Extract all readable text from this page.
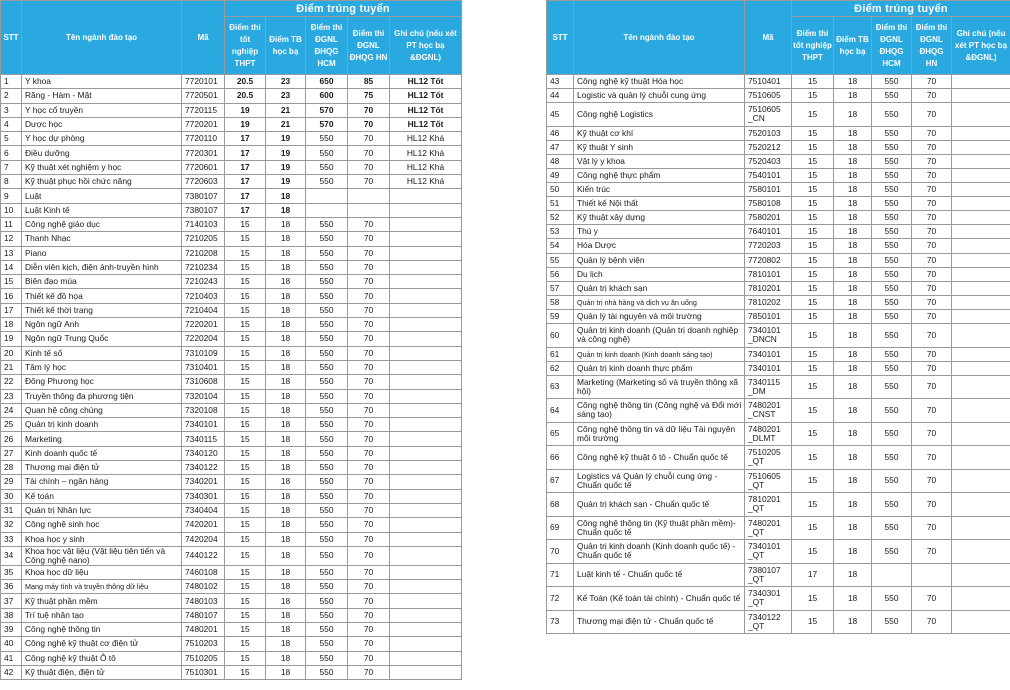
STT	Tên ngành đào tạo	Mã	Điểm trúng tuyển				
			Điểm thi tốt nghiệp THPT	Điểm TB học bạ	Điểm thi ĐGNL ĐHQG HCM	Điểm thi ĐGNL ĐHQG HN	Ghi chú (nếu xét PT học bạ &ĐGNL)
1	Y khoa	7720101	20.5	23	650	85	HL12 Tốt
2	Răng - Hàm - Mặt	7720501	20.5	23	600	75	HL12 Tốt
3	Y học cổ truyền	7720115	19	21	570	70	HL12 Tốt
4	Dược học	7720201	19	21	570	70	HL12 Tốt
5	Y học dự phòng	7720110	17	19	550	70	HL12 Khá
6	Điều dưỡng	7720301	17	19	550	70	HL12 Khá
7	Kỹ thuật xét nghiệm y học	7720601	17	19	550	70	HL12 Khá
8	Kỹ thuật phục hồi chức năng	7720603	17	19	550	70	HL12 Khá
9	Luật	7380107	17	18			
10	Luật Kinh tế	7380107	17	18			
11	Công nghệ giáo dục	7140103	15	18	550	70	
12	Thanh Nhạc	7210205	15	18	550	70	
13	Piano	7210208	15	18	550	70	
14	Diễn viên kịch, điện ảnh-truyền hình	7210234	15	18	550	70	
15	Biên đạo múa	7210243	15	18	550	70	
16	Thiết kế đồ họa	7210403	15	18	550	70	
17	Thiết kế thời trang	7210404	15	18	550	70	
18	Ngôn ngữ Anh	7220201	15	18	550	70	
19	Ngôn ngữ Trung Quốc	7220204	15	18	550	70	
20	Kinh tế số	7310109	15	18	550	70	
21	Tâm lý học	7310401	15	18	550	70	
22	Đông Phương học	7310608	15	18	550	70	
23	Truyền thông đa phương tiện	7320104	15	18	550	70	
24	Quan hệ công chúng	7320108	15	18	550	70	
25	Quản trị kinh doanh	7340101	15	18	550	70	
26	Marketing	7340115	15	18	550	70	
27	Kinh doanh quốc tế	7340120	15	18	550	70	
28	Thương mại điện tử	7340122	15	18	550	70	
29	Tài chính – ngân hàng	7340201	15	18	550	70	
30	Kế toán	7340301	15	18	550	70	
31	Quản trị Nhân lực	7340404	15	18	550	70	
32	Công nghệ sinh học	7420201	15	18	550	70	
33	Khoa học y sinh	7420204	15	18	550	70	
34	Khoa học vật liệu (Vật liệu tiên tiến và Công nghệ nano)	7440122	15	18	550	70	
35	Khoa học dữ liệu	7460108	15	18	550	70	
36	Mạng máy tính và truyền thông dữ liệu	7480102	15	18	550	70	
37	Kỹ thuật phần mềm	7480103	15	18	550	70	
38	Trí tuệ nhân tạo	7480107	15	18	550	70	
39	Công nghệ thông tin	7480201	15	18	550	70	
40	Công nghệ kỹ thuật cơ điện tử	7510203	15	18	550	70	
41	Công nghệ kỹ thuật Ô tô	7510205	15	18	550	70	
42	Kỹ thuật điện, điện tử	7510301	15	18	550	70	
STT	Tên ngành đào tạo	Mã	Điểm trúng tuyển				
			Điểm thi tốt nghiệp THPT	Điểm TB học bạ	Điểm thi ĐGNL ĐHQG HCM	Điểm thi ĐGNL ĐHQG HN	Ghi chú (nếu xét PT học bạ &ĐGNL)
43	Công nghệ kỹ thuật Hóa học	7510401	15	18	550	70	
44	Logistic và quản lý chuỗi cung ứng	7510605	15	18	550	70	
45	Công nghệ Logistics	7510605 _CN	15	18	550	70	
46	Kỹ thuật cơ khí	7520103	15	18	550	70	
47	Kỹ thuật Y sinh	7520212	15	18	550	70	
48	Vật lý y khoa	7520403	15	18	550	70	
49	Công nghệ thực phẩm	7540101	15	18	550	70	
50	Kiến trúc	7580101	15	18	550	70	
51	Thiết kế Nội thất	7580108	15	18	550	70	
52	Kỹ thuật xây dựng	7580201	15	18	550	70	
53	Thú y	7640101	15	18	550	70	
54	Hóa Dược	7720203	15	18	550	70	
55	Quản lý bệnh viện	7720802	15	18	550	70	
56	Du lịch	7810101	15	18	550	70	
57	Quản trị khách sạn	7810201	15	18	550	70	
58	Quản trị nhà hàng và dịch vụ ăn uống	7810202	15	18	550	70	
59	Quản lý tài nguyên và môi trường	7850101	15	18	550	70	
60	Quản trị kinh doanh (Quản trị doanh nghiệp và công nghệ)	7340101 _DNCN	15	18	550	70	
61	Quản trị kinh doanh (Kinh doanh sáng tạo)	7340101	15	18	550	70	
62	Quản trị kinh doanh thực phẩm	7340101	15	18	550	70	
63	Marketing (Marketing số và truyền thông xã hội)	7340115 _DM	15	18	550	70	
64	Công nghệ thông tin (Công nghệ và Đổi mới sáng tạo)	7480201 _CNST	15	18	550	70	
65	Công nghệ thông tin và dữ liệu Tài nguyên môi trường	7480201 _DLMT	15	18	550	70	
66	Công nghệ kỹ thuật ô tô - Chuẩn quốc tế	7510205 _QT	15	18	550	70	
67	Logistics và Quản lý chuỗi cung ứng - Chuẩn quốc tế	7510605 _QT	15	18	550	70	
68	Quản trị khách sạn - Chuẩn quốc tế	7810201 _QT	15	18	550	70	
69	Công nghệ thông tin (Kỹ thuật phần mềm)- Chuẩn quốc tế	7480201 _QT	15	18	550	70	
70	Quản trị kinh doanh (Kinh doanh quốc tế) - Chuẩn quốc tế	7340101 _QT	15	18	550	70	
71	Luật kinh tế - Chuẩn quốc tế	7380107 _QT	17	18			
72	Kế Toán (Kế toán tài chính) - Chuẩn quốc tế	7340301 _QT	15	18	550	70	
73	Thương mại điện tử - Chuẩn quốc tế	7340122 _QT	15	18	550	70	
